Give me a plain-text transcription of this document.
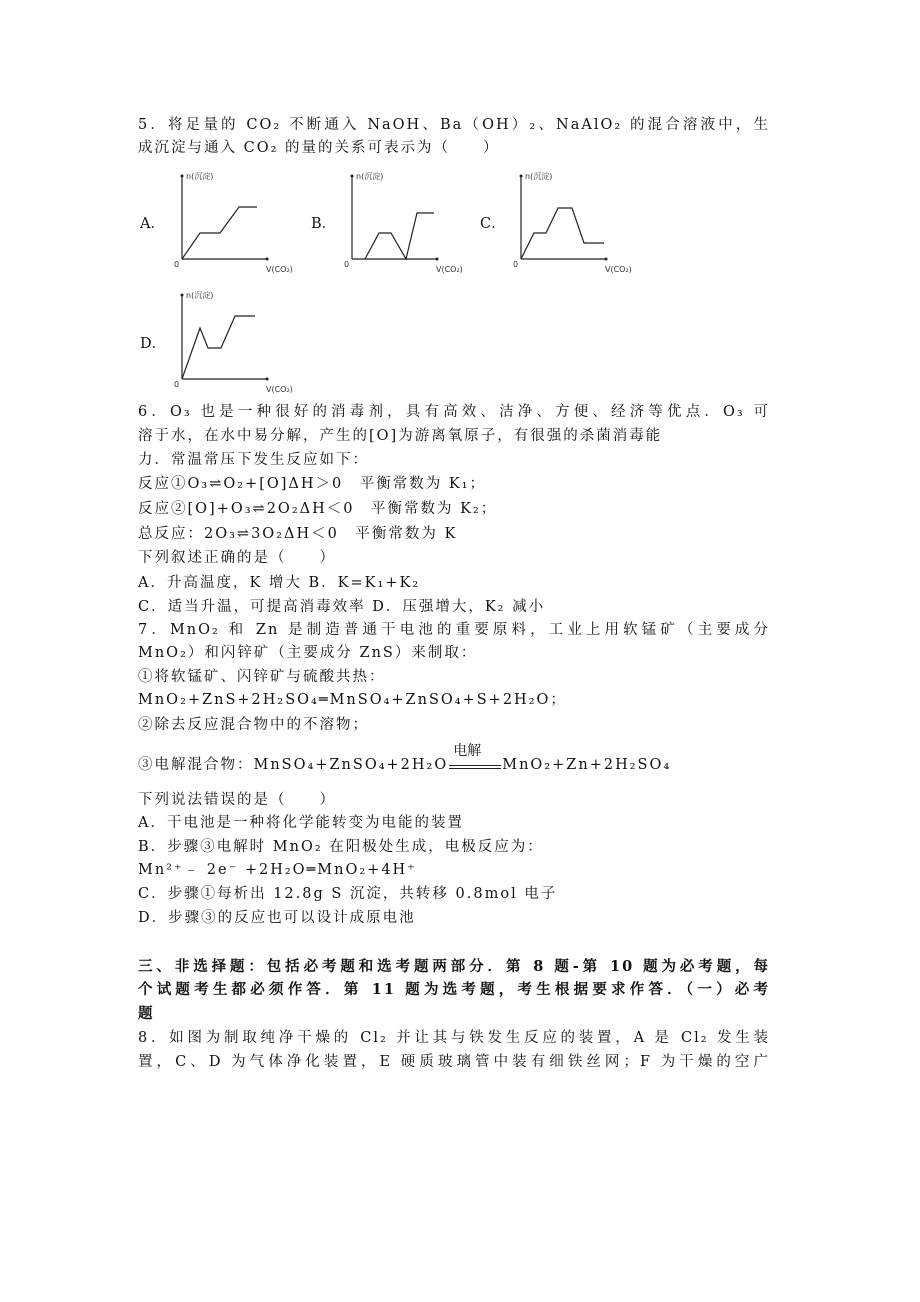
5．将足量的 CO₂ 不断通入 NaOH、Ba（OH）₂、NaAlO₂ 的混合溶液中，生
成沉淀与通入 CO₂ 的量的关系可表示为（　　）
A．	B．	C．
D．
n(沉淀)
V(CO₂)
0
n(沉淀)
V(CO₂)
0
n(沉淀)
V(CO₂)
0
n(沉淀)
V(CO₂)
0
6．O₃ 也是一种很好的消毒剂，具有高效、洁净、方便、经济等优点．O₃ 可
溶于水，在水中易分解，产生的[O]为游离氧原子，有很强的杀菌消毒能
力．常温常压下发生反应如下：
反应①O₃⇌O₂+[O]ΔH＞0　平衡常数为 K₁；
反应②[O]+O₃⇌2O₂ΔH＜0　平衡常数为 K₂；
总反应：2O₃⇌3O₂ΔH＜0　平衡常数为 K
下列叙述正确的是（　　）
A．升高温度，K 增大 B．K=K₁+K₂
C．适当升温，可提高消毒效率 D．压强增大，K₂ 减小
7．MnO₂ 和 Zn 是制造普通干电池的重要原料，工业上用软锰矿（主要成分
MnO₂）和闪锌矿（主要成分 ZnS）来制取：
①将软锰矿、闪锌矿与硫酸共热：
MnO₂+ZnS+2H₂SO₄═MnSO₄+ZnSO₄+S+2H₂O；
②除去反应混合物中的不溶物；
③电解混合物：MnSO₄+ZnSO₄+2H₂O
电解
MnO₂+Zn+2H₂SO₄
下列说法错误的是（　　）
A．干电池是一种将化学能转变为电能的装置
B．步骤③电解时 MnO₂ 在阳极处生成，电极反应为：
Mn²⁺﹣ 2e⁻ +2H₂O═MnO₂+4H⁺
C．步骤①每析出 12.8g S 沉淀，共转移 0.8mol 电子
D．步骤③的反应也可以设计成原电池
三、非选择题：包括必考题和选考题两部分．第 8 题-第 10 题为必考题，每
个试题考生都必须作答．第 11 题为选考题，考生根据要求作答．（一）必考
题
8．如图为制取纯净干燥的 Cl₂ 并让其与铁发生反应的装置，A 是 Cl₂ 发生装
置，C、D 为气体净化装置，E 硬质玻璃管中装有细铁丝网；F 为干燥的空广
